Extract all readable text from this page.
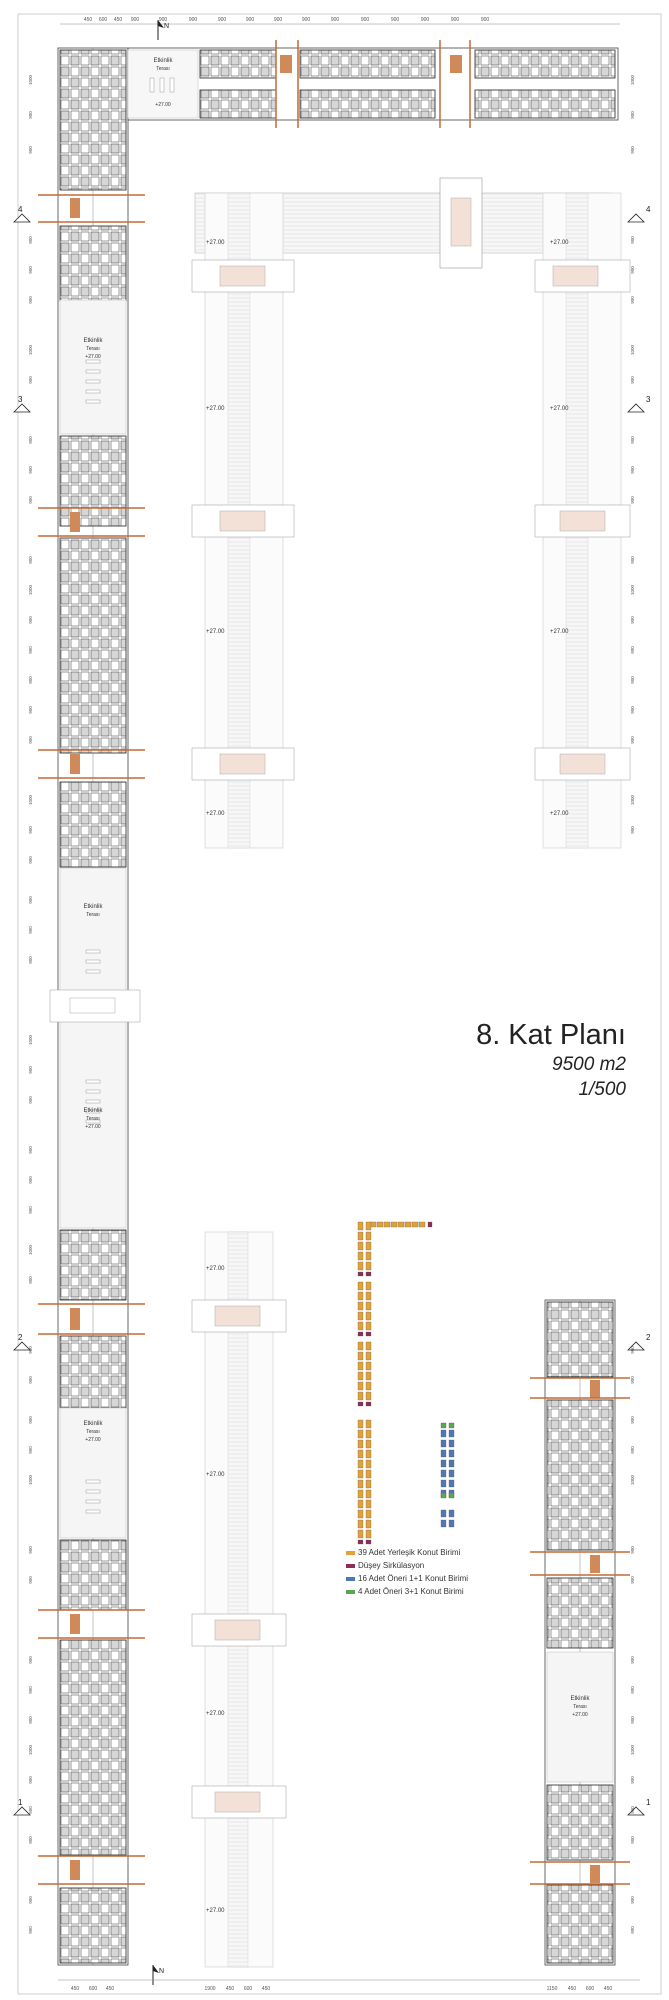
450 600 450 900	900	900	900	900	900	900	900	900	900	900	900	900
N
Etkinlik
Terası
+27.00
Etkinlik
Terası
Etkinlik
Terası
+27.00
Etkinlik
Terası
+27.00
Etkinlik
Terası
+27.00
+27.00	+27.00
+27.00	+27.00
+27.00	+27.00
+27.00	+27.00
+27.00
+27.00
+27.00
+27.00
Etkinlik
Terası
+27.00
4	4
3	3
2	2
1	1
N
1000	1000
900	900
900	900
900	900
900	900
900	900
1000	1000
900	900
900	900
900	900
900	900
900	900
1000	1000
900	900
900	900
900	900
900	900
900	900
1000	1000
900	900
900
900
900
900
1000
900
900
900
900
900
1000
900
900	900
900	900
900	900
900	900
1000	1000
900	900
900	900
900	900
900	900
900	900
1000	1000
900	900
900	900
900	900
900	900
900	900
450 600 450	1900 450 600 450	1150 450 600 450
8. Kat Planı
9500 m2
1/500
39 Adet Yerleşik Konut Birimi
Düşey Sirkülasyon
16 Adet Öneri 1+1 Konut Birimi
4 Adet Öneri 3+1 Konut Birimi
